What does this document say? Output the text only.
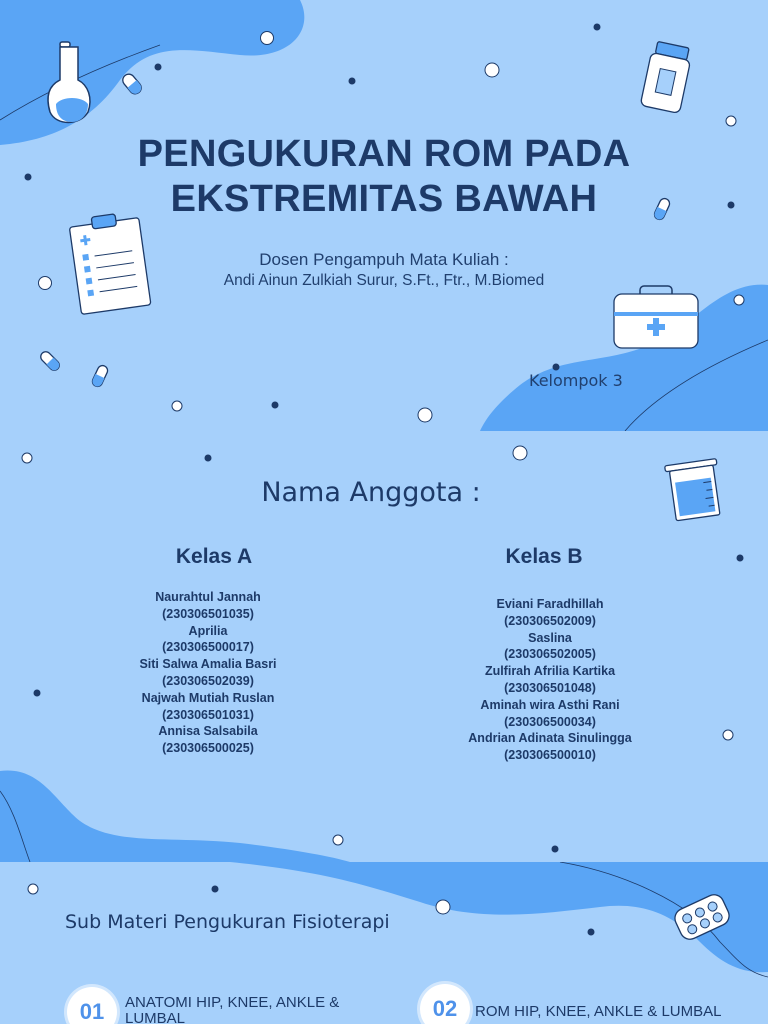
PENGUKURAN ROM PADA
EKSTREMITAS BAWAH
Dosen Pengampuh Mata Kuliah :
Andi Ainun Zulkiah Surur, S.Ft., Ftr., M.Biomed
Kelompok 3
Nama Anggota :
Kelas A	Kelas B
Naurahtul Jannah
(230306501035)
Aprilia
(230306500017)
Siti Salwa Amalia Basri
(230306502039)
Najwah Mutiah Ruslan
(230306501031)
Annisa Salsabila
(230306500025)
Eviani Faradhillah
(230306502009)
Saslina
(230306502005)
Zulfirah Afrilia Kartika
(230306501048)
Aminah wira Asthi Rani
(230306500034)
Andrian Adinata Sinulingga
(230306500010)
Sub Materi Pengukuran Fisioterapi
01	ANATOMI HIP, KNEE, ANKLE & LUMBAL	02	ROM HIP, KNEE, ANKLE & LUMBAL
